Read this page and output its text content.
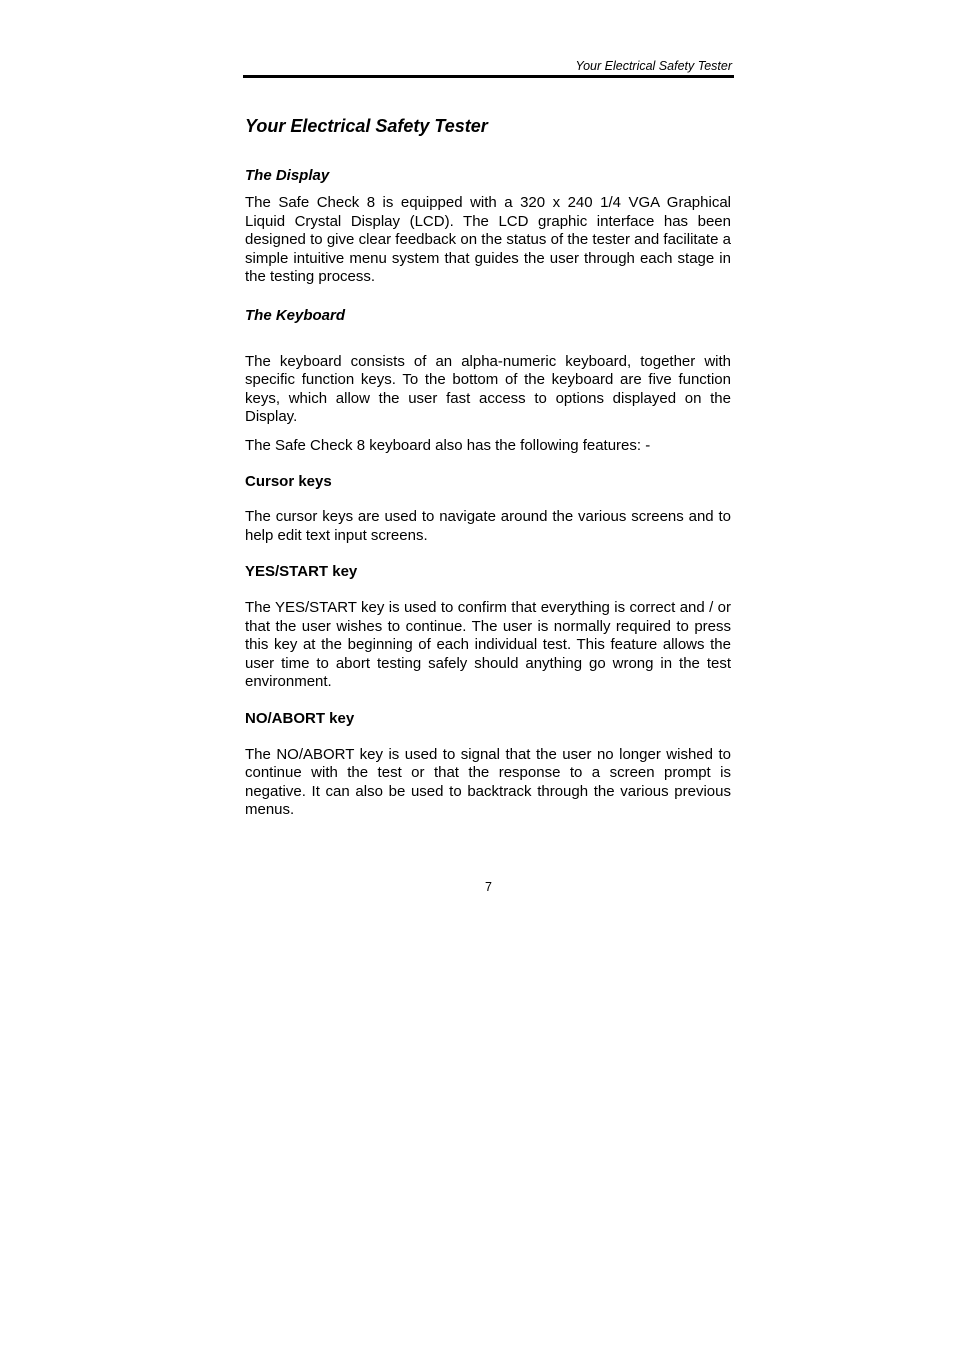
Your Electrical Safety Tester
Your Electrical Safety Tester
The Display

The Safe Check 8 is equipped with a 320 x 240 1/4 VGA Graphical Liquid Crystal Display (LCD). The LCD graphic interface has been designed to give clear feedback on the status of the tester and facilitate a simple intuitive menu system that guides the user through each stage in the testing process.

The Keyboard

The keyboard consists of an alpha-numeric keyboard, together with specific function keys. To the bottom of the keyboard are five function keys, which allow the user fast access to options displayed on the Display.

The Safe Check 8 keyboard also has the following features: -

Cursor keys

The cursor keys are used to navigate around the various screens and to help edit text input screens.

YES/START key

The YES/START key is used to confirm that everything is correct and / or that the user wishes to continue. The user is normally required to press this key at the beginning of each individual test. This feature allows the user time to abort testing safely should anything go wrong in the test environment.

NO/ABORT key

The NO/ABORT key is used to signal that the user no longer wished to continue with the test or that the response to a screen prompt is negative. It can also be used to backtrack through the various previous menus.

7
